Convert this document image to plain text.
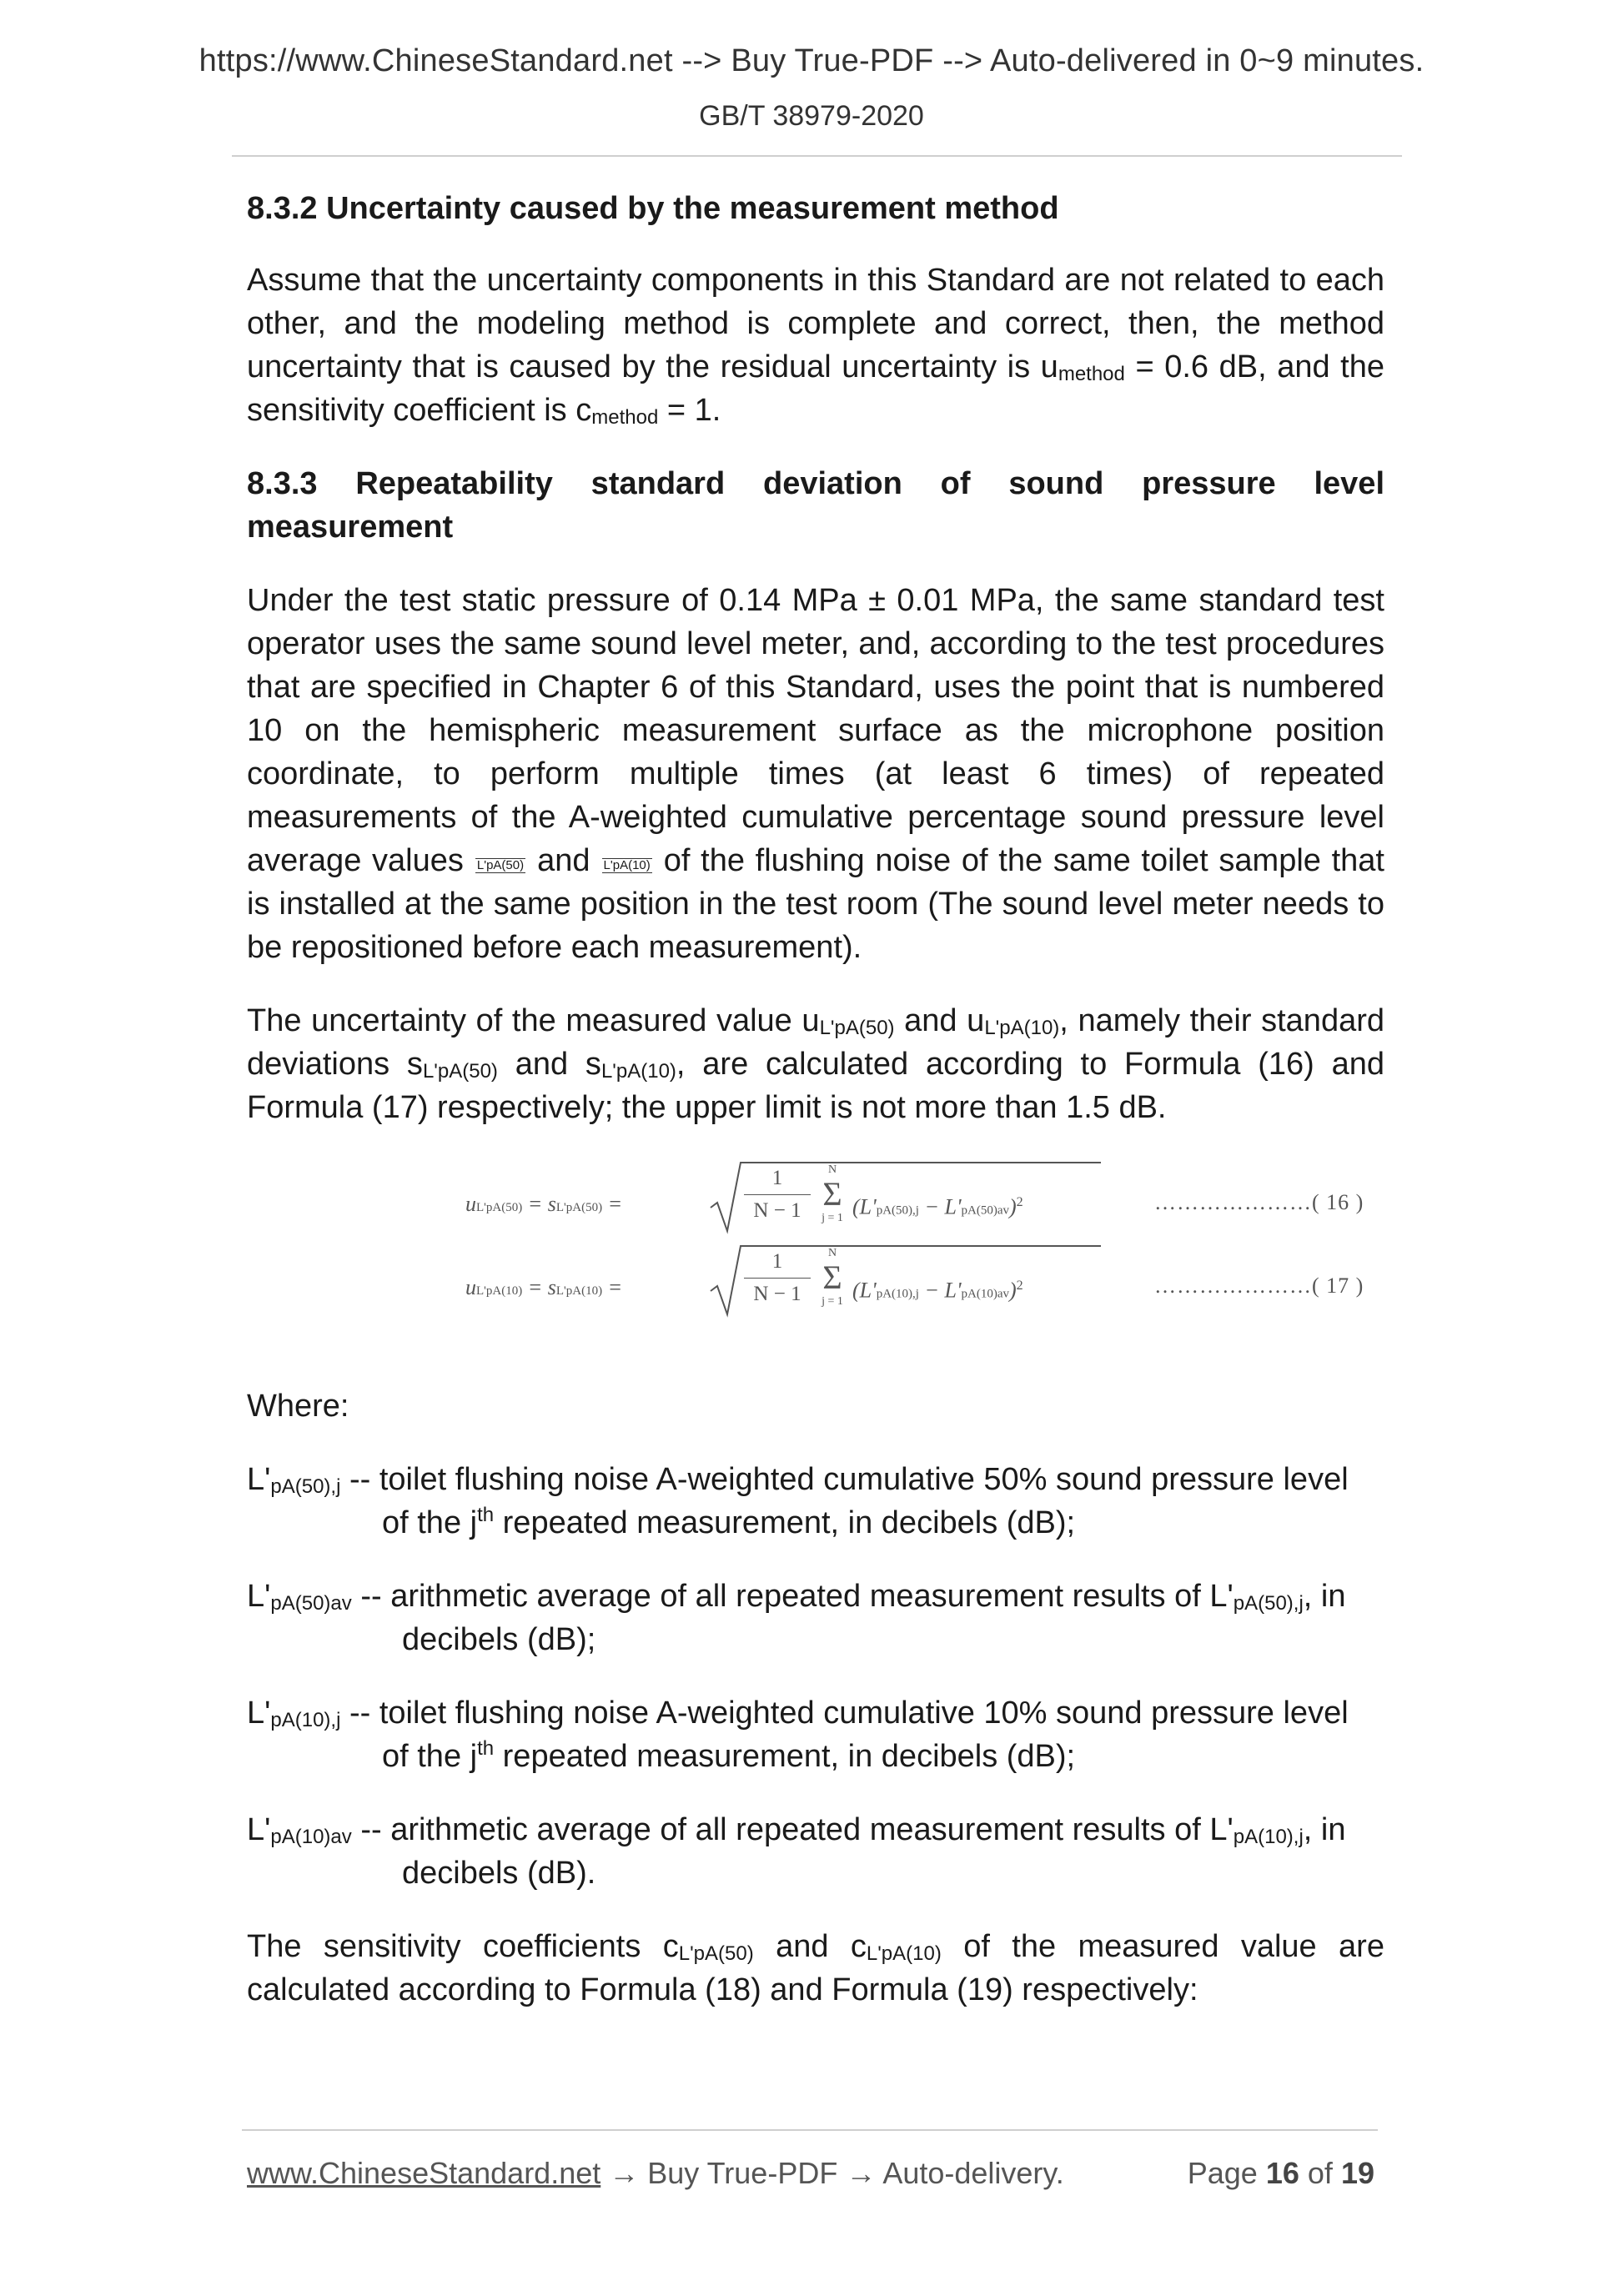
https://www.ChineseStandard.net --> Buy True-PDF --> Auto-delivered in 0~9 minutes.
GB/T 38979-2020
8.3.2 Uncertainty caused by the measurement method

Assume that the uncertainty components in this Standard are not related to each other, and the modeling method is complete and correct, then, the method uncertainty that is caused by the residual uncertainty is $u_{method} = 0.6$ dB, and the sensitivity coefficient is $c_{method} = 1$.

8.3.3 Repeatability standard deviation of sound pressure level measurement

Under the test static pressure of 0.14 MPa ± 0.01 MPa, the same standard test operator uses the same sound level meter, and, according to the test procedures that are specified in Chapter 6 of this Standard, uses the point that is numbered 10 on the hemispheric measurement surface as the microphone position coordinate, to perform multiple times (at least 6 times) of repeated measurements of the A-weighted cumulative percentage sound pressure level average values L'pA(50) and L'pA(10) of the flushing noise of the same toilet sample that is installed at the same position in the test room (The sound level meter needs to be repositioned before each measurement).

The uncertainty of the measured value $u_{L'pA(50)}$ and $u_{L'pA(10)}$, namely their standard deviations $s_{L'pA(50)}$ and $s_{L'pA(10)}$, are calculated according to Formula (16) and Formula (17) respectively; the upper limit is not more than 1.5 dB.

uL'pA(50) = sL'pA(50) =
1
N − 1
N
Σ
j = 1 $(L'pA(50),j - L'pA(50)av)^2$	…………………( 16 )
uL'pA(10) = sL'pA(10) =
1
N − 1
N
Σ
j = 1 $(L'pA(10),j - L'pA(10)av)^2$	…………………( 17 )
Where:
$L'_{pA(50),j}$ -- toilet flushing noise A-weighted cumulative 50% sound pressure level
of the $j^{th}$ repeated measurement, in decibels (dB);
$L'_{pA(50)av}$ -- arithmetic average of all repeated measurement results of $L'_{pA(50),j}$, in
decibels (dB);
$L'_{pA(10),j}$ -- toilet flushing noise A-weighted cumulative 10% sound pressure level
of the $j^{th}$ repeated measurement, in decibels (dB);
$L'_{pA(10)av}$ -- arithmetic average of all repeated measurement results of $L'_{pA(10),j}$, in
decibels (dB).

The sensitivity coefficients $c_{L'pA(50)}$ and $c_{L'pA(10)}$ of the measured value are calculated according to Formula (18) and Formula (19) respectively:

www.ChineseStandard.net → Buy True-PDF → Auto-delivery.	Page 16 of 19
